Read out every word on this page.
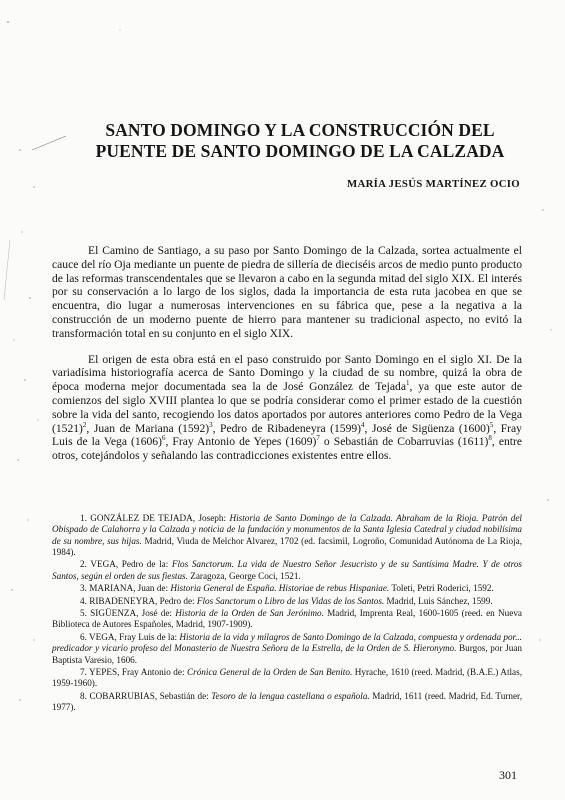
SANTO DOMINGO Y LA CONSTRUCCIÓN DEL
PUENTE DE SANTO DOMINGO DE LA CALZADA

MARÍA JESÚS MARTÍNEZ OCIO

El Camino de Santiago, a su paso por Santo Domingo de la Calzada, sortea actualmente el cauce del río Oja mediante un puente de piedra de sillería de dieciséis arcos de medio punto producto de las reformas transcendentales que se llevaron a cabo en la segunda mitad del siglo XIX. El interés por su conservación a lo largo de los siglos, dada la importancia de esta ruta jacobea en que se encuentra, dio lugar a numerosas intervenciones en su fábrica que, pese a la negativa a la construcción de un moderno puente de hierro para mantener su tradicional aspecto, no evitó la transformación total en su conjunto en el siglo XIX.

El origen de esta obra está en el paso construido por Santo Domingo en el siglo XI. De la variadísima historiografía acerca de Santo Domingo y la ciudad de su nombre, quizá la obra de época moderna mejor documentada sea la de José González de Tejada$^1$, ya que este autor de comienzos del siglo XVIII plantea lo que se podría considerar como el primer estado de la cuestión sobre la vida del santo, recogiendo los datos aportados por autores anteriores como Pedro de la Vega $(1521)^2$, Juan de Mariana $(1592)^3$, Pedro de Ribadeneyra $(1599)^4$, José de Sigüenza $(1600)^5$, Fray Luis de la Vega $(1606)^6$, Fray Antonio de Yepes $(1609)^7$ o Sebastián de Cobarruvias $(1611)^8$, entre otros, cotejándolos y señalando las contradicciones existentes entre ellos.

1. GONZÁLEZ DE TEJADA, Joseph: Historia de Santo Domingo de la Calzada. Abraham de la Rioja. Patrón del Obispado de Calahorra y la Calzada y noticia de la fundación y monumentos de la Santa Iglesia Catedral y ciudad nobilísima de su nombre, sus hijas. Madrid, Viuda de Melchor Alvarez, 1702 (ed. facsimil, Logroño, Comunidad Autónoma de La Rioja, 1984).

2. VEGA, Pedro de la: Flos Sanctorum. La vida de Nuestro Señor Jesucristo y de su Santísima Madre. Y de otros Santos, según el orden de sus fiestas. Zaragoza, George Coci, 1521.

3. MARIANA, Juan de: Historia General de España. Historiae de rebus Hispaniae. Toleti, Petri Roderici, 1592.

4. RIBADENEYRA, Pedro de: Flos Sanctorum o Libro de las Vidas de los Santos. Madrid, Luis Sánchez, 1599.

5. SIGÜENZA, José de: Historia de la Orden de San Jerónimo. Madrid, Imprenta Real, 1600-1605 (reed. en Nueva Biblioteca de Autores Españoles, Madrid, 1907-1909).

6. VEGA, Fray Luis de la: Historia de la vida y milagros de Santo Domingo de la Calzada, compuesta y ordenada por... predicador y vicario profeso del Monasterio de Nuestra Señora de la Estrella, de la Orden de S. Hieronymo. Burgos, por Juan Baptista Varesio, 1606.

7. YEPES, Fray Antonio de: Crónica General de la Orden de San Benito. Hyrache, 1610 (reed. Madrid, (B.A.E.) Atlas, 1959-1960).

8. COBARRUBIAS, Sebastián de: Tesoro de la lengua castellana o española. Madrid, 1611 (reed. Madrid, Ed. Turner, 1977).

301
